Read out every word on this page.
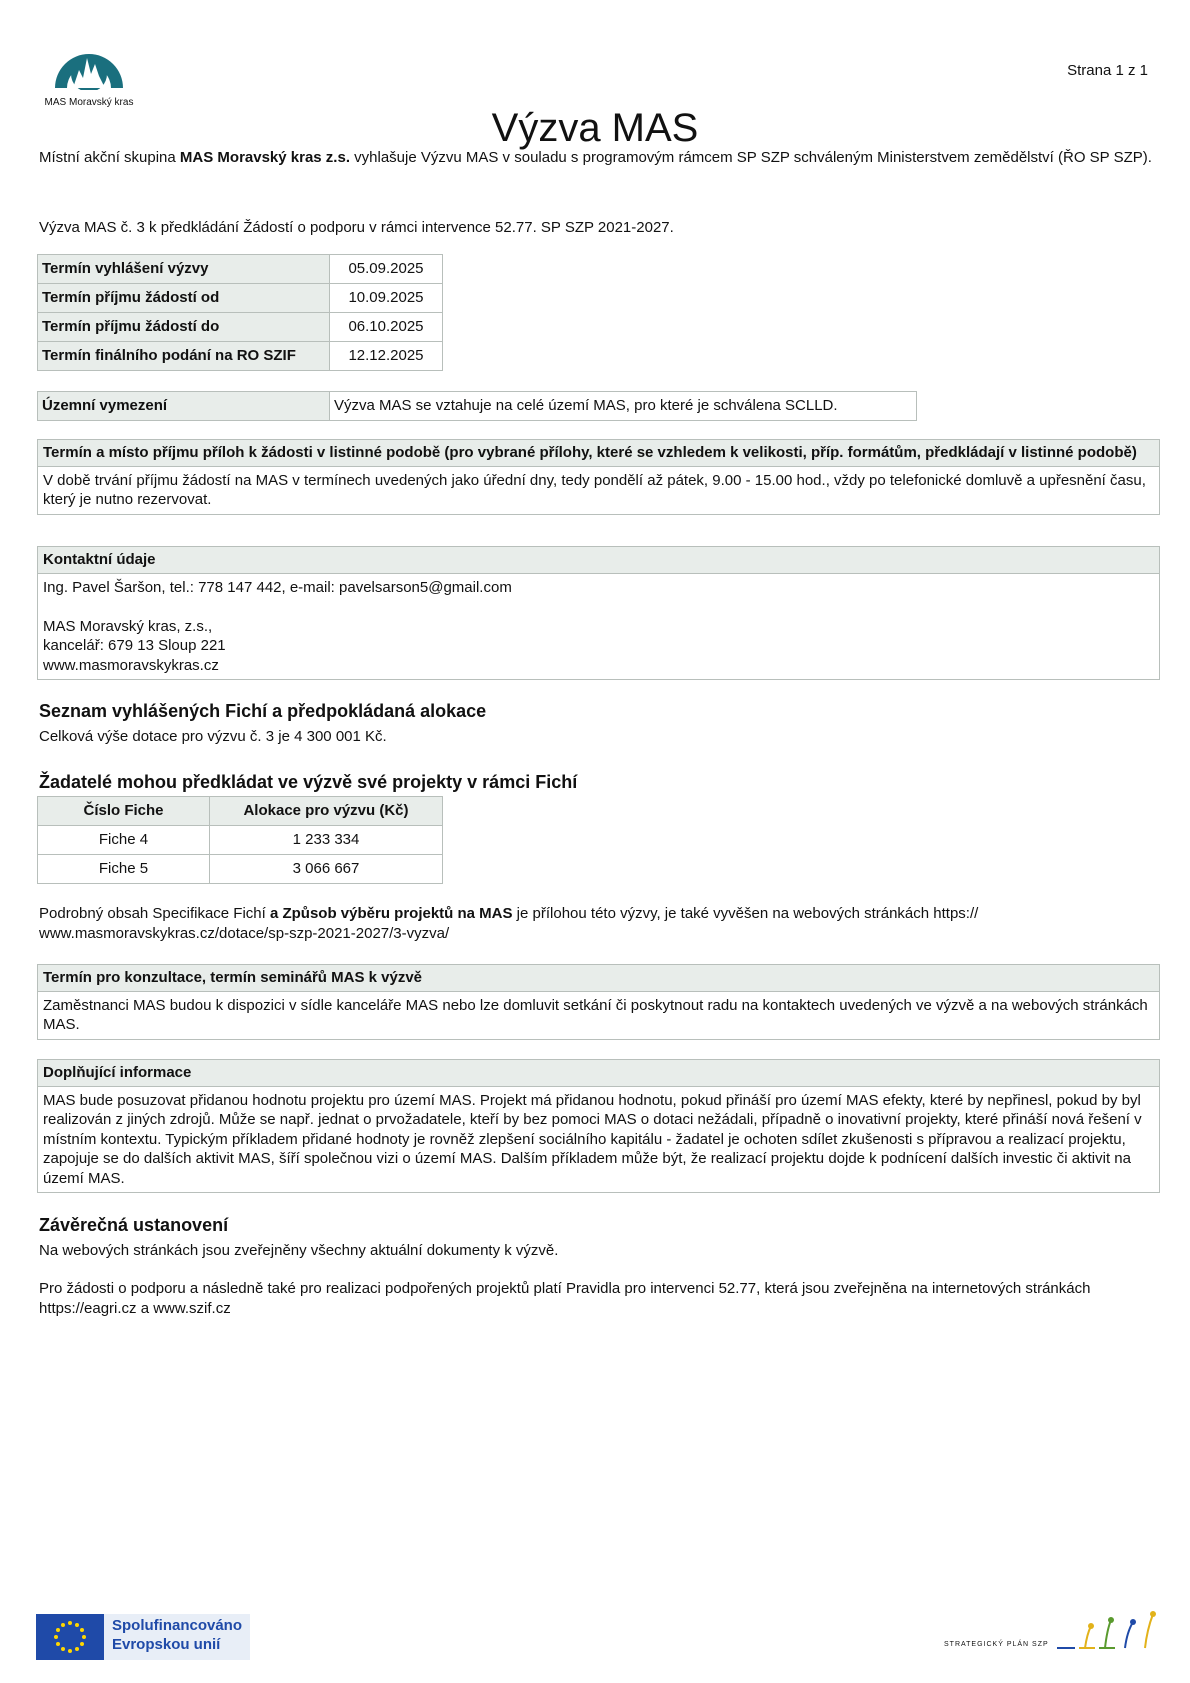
Strana 1 z 1
MAS Moravský kras
Výzva MAS

Místní akční skupina MAS Moravský kras z.s. vyhlašuje Výzvu MAS v souladu s programovým rámcem SP SZP schváleným Ministerstvem zemědělství (ŘO SP SZP).

Výzva MAS č. 3 k předkládání Žádostí o podporu v rámci intervence 52.77. SP SZP 2021-2027.

Termín vyhlášení výzvy	05.09.2025
Termín příjmu žádostí od	10.09.2025
Termín příjmu žádostí do	06.10.2025
Termín finálního podání na RO SZIF	12.12.2025
Územní vymezení	Výzva MAS se vztahuje na celé území MAS, pro které je schválena SCLLD.
Termín a místo příjmu příloh k žádosti v listinné podobě (pro vybrané přílohy, které se vzhledem k velikosti, příp. formátům, předkládají v listinné podobě)
V době trvání příjmu žádostí na MAS v termínech uvedených jako úřední dny, tedy pondělí až pátek, 9.00 - 15.00 hod., vždy po telefonické domluvě a upřesnění času, který je nutno rezervovat.
Kontaktní údaje
Ing. Pavel Šaršon, tel.: 778 147 442, e-mail: pavelsarson5@gmail.com
MAS Moravský kras, z.s.,
kancelář: 679 13 Sloup 221
www.masmoravskykras.cz
Seznam vyhlášených Fichí a předpokládaná alokace

Celková výše dotace pro výzvu č. 3 je 4 300 001 Kč.

Žadatelé mohou předkládat ve výzvě své projekty v rámci Fichí
Číslo Fiche	Alokace pro výzvu (Kč)
Fiche 4	1 233 334
Fiche 5	3 066 667

Podrobný obsah Specifikace Fichí a Způsob výběru projektů na MAS je přílohou této výzvy, je také vyvěšen na webových stránkách https:// www.masmoravskykras.cz/dotace/sp-szp-2021-2027/3-vyzva/

Termín pro konzultace, termín seminářů MAS k výzvě
Zaměstnanci MAS budou k dispozici v sídle kanceláře MAS nebo lze domluvit setkání či poskytnout radu na kontaktech uvedených ve výzvě a na webových stránkách MAS.
Doplňující informace
MAS bude posuzovat přidanou hodnotu projektu pro území MAS. Projekt má přidanou hodnotu, pokud přináší pro území MAS efekty, které by nepřinesl, pokud by byl realizován z jiných zdrojů. Může se např. jednat o prvožadatele, kteří by bez pomoci MAS o dotaci nežádali, případně o inovativní projekty, které přináší nová řešení v místním kontextu. Typickým příkladem přidané hodnoty je rovněž zlepšení sociálního kapitálu - žadatel je ochoten sdílet zkušenosti s přípravou a realizací projektu, zapojuje se do dalších aktivit MAS, šíří společnou vizi o území MAS. Dalším příkladem může být, že realizací projektu dojde k podnícení dalších investic či aktivit na území MAS.
Závěrečná ustanovení

Na webových stránkách jsou zveřejněny všechny aktuální dokumenty k výzvě.

Pro žádosti o podporu a následně také pro realizaci podpořených projektů platí Pravidla pro intervenci 52.77, která jsou zveřejněna na internetových stránkách https://eagri.cz a www.szif.cz

Spolufinancováno
Evropskou unií	STRATEGICKÝ PLÁN SZP
